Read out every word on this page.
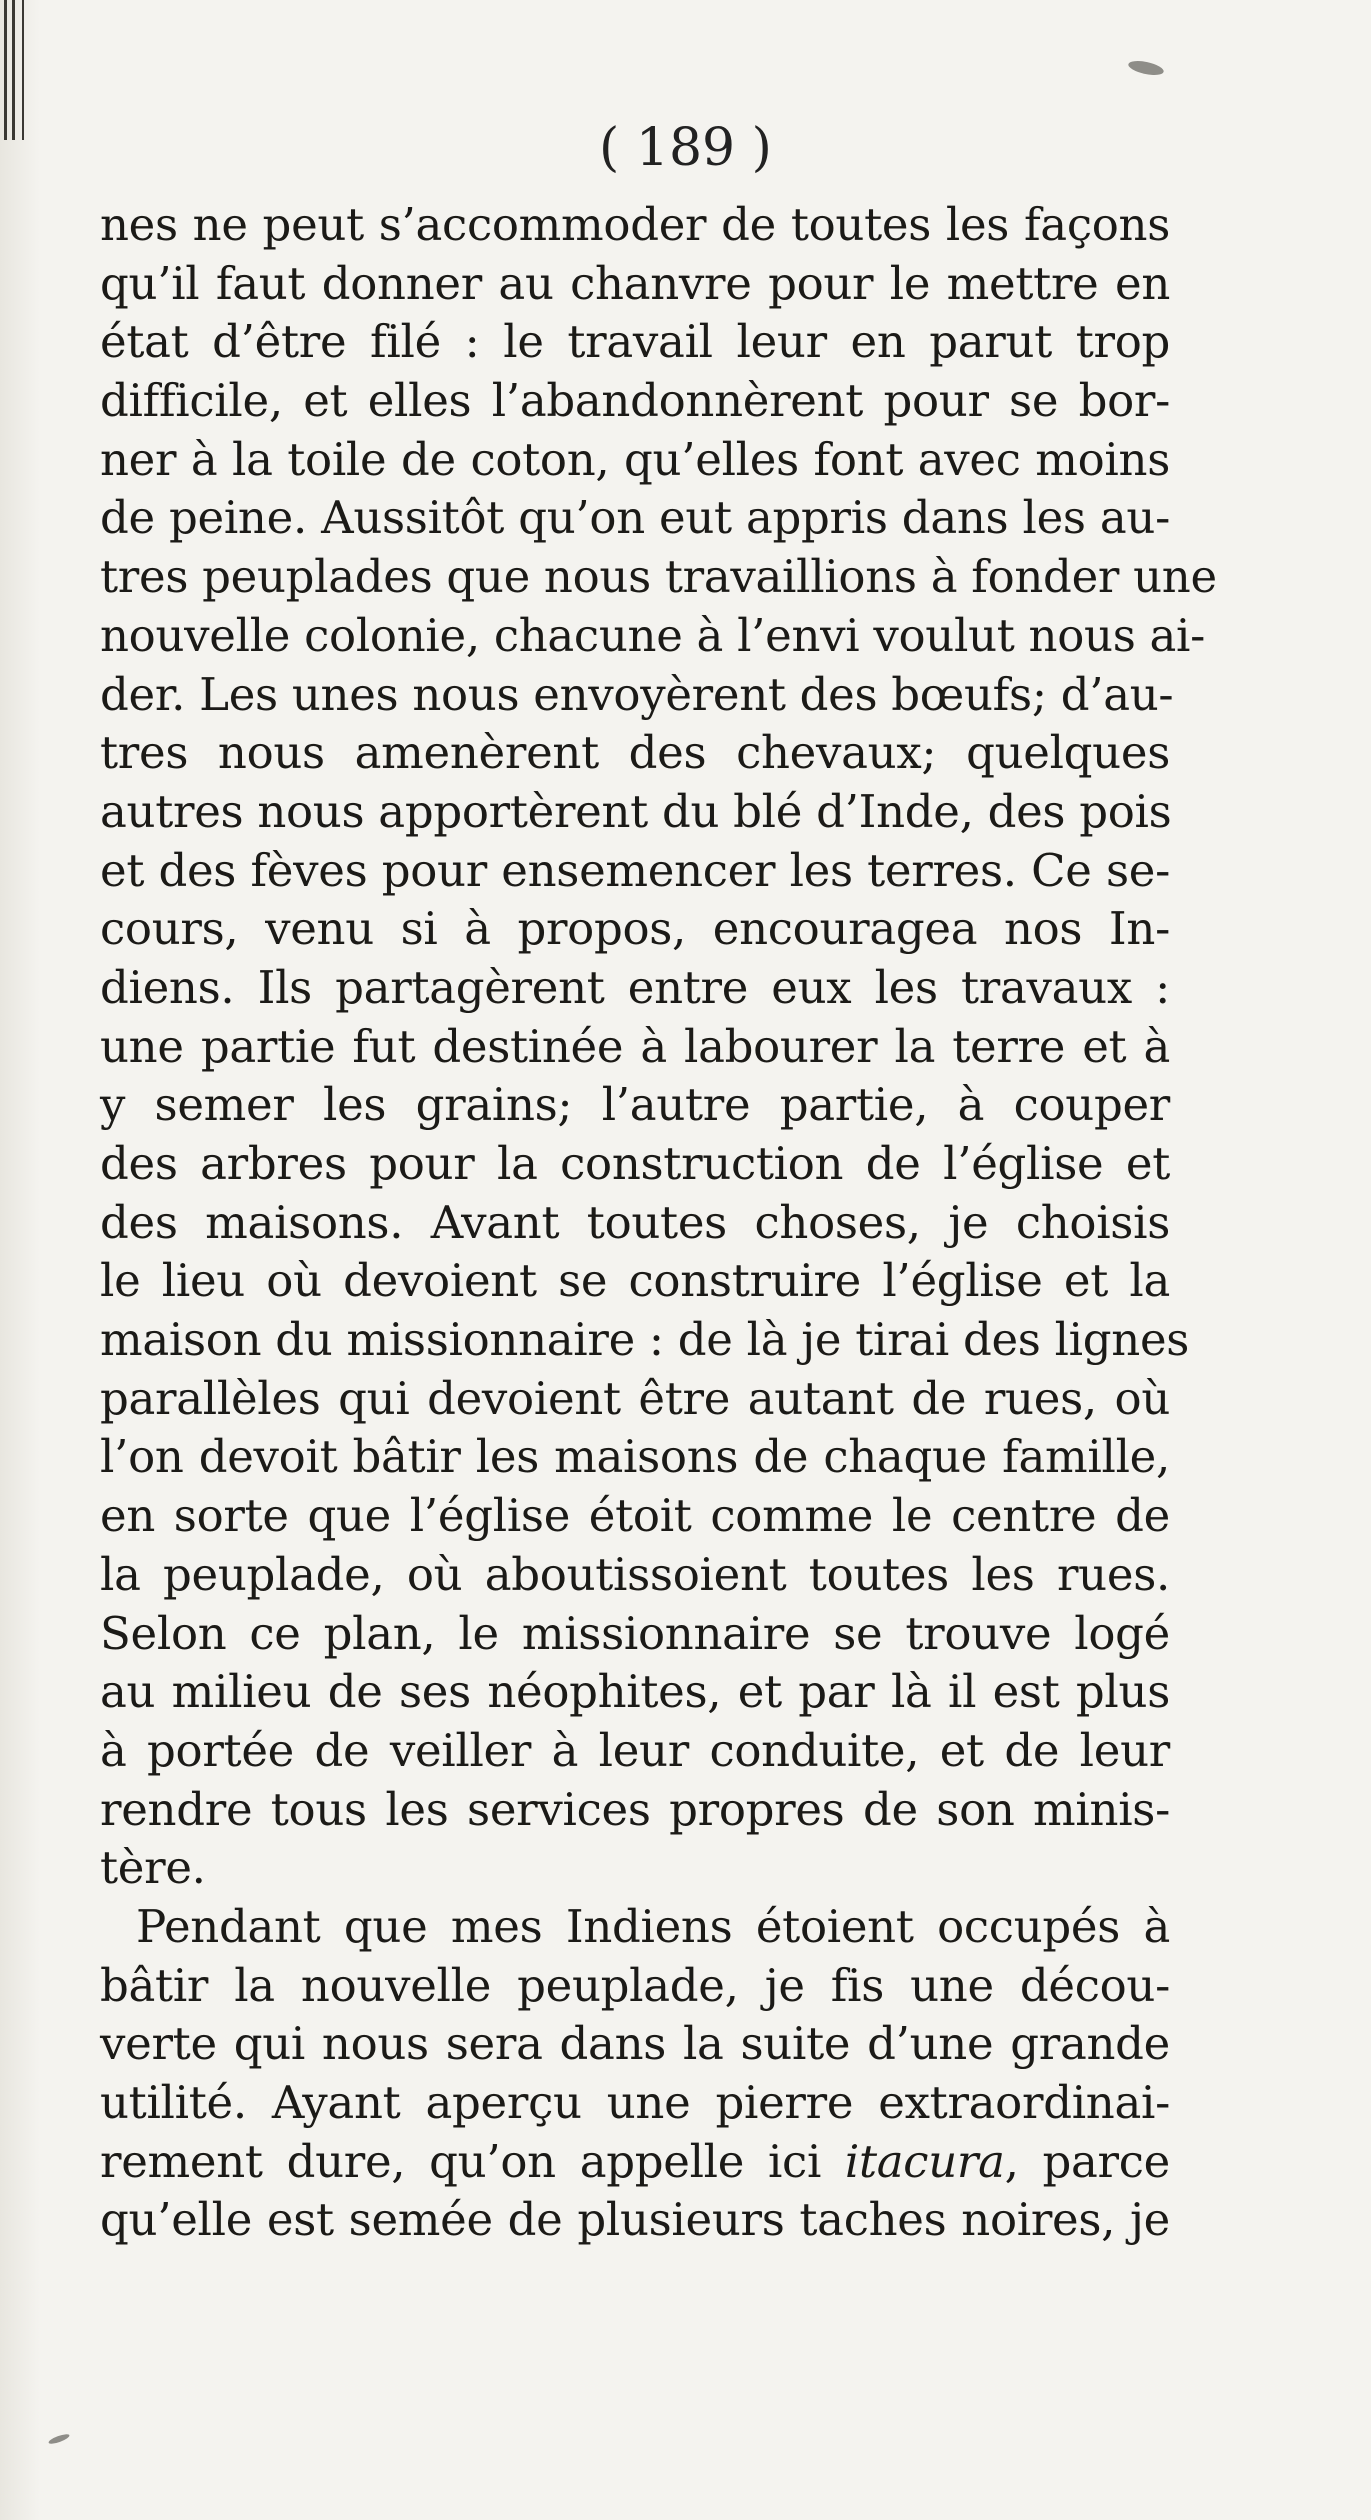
( 189 )
nes ne peut s’accommoder de toutes les façons
qu’il faut donner au chanvre pour le mettre en
état d’être filé : le travail leur en parut trop
difficile, et elles l’abandonnèrent pour se bor-
ner à la toile de coton, qu’elles font avec moins
de peine. Aussitôt qu’on eut appris dans les au-
tres peuplades que nous travaillions à fonder une
nouvelle colonie, chacune à l’envi voulut nous ai-
der. Les unes nous envoyèrent des bœufs; d’au-
tres nous amenèrent des chevaux; quelques
autres nous apportèrent du blé d’Inde, des pois
et des fèves pour ensemencer les terres. Ce se-
cours, venu si à propos, encouragea nos In-
diens. Ils partagèrent entre eux les travaux :
une partie fut destinée à labourer la terre et à
y semer les grains; l’autre partie, à couper
des arbres pour la construction de l’église et
des maisons. Avant toutes choses, je choisis
le lieu où devoient se construire l’église et la
maison du missionnaire : de là je tirai des lignes
parallèles qui devoient être autant de rues, où
l’on devoit bâtir les maisons de chaque famille,
en sorte que l’église étoit comme le centre de
la peuplade, où aboutissoient toutes les rues.
Selon ce plan, le missionnaire se trouve logé
au milieu de ses néophites, et par là il est plus
à portée de veiller à leur conduite, et de leur
rendre tous les services propres de son minis-
tère.
Pendant que mes Indiens étoient occupés à
bâtir la nouvelle peuplade, je fis une décou-
verte qui nous sera dans la suite d’une grande
utilité. Ayant aperçu une pierre extraordinai-
rement dure, qu’on appelle ici itacura, parce
qu’elle est semée de plusieurs taches noires, je
